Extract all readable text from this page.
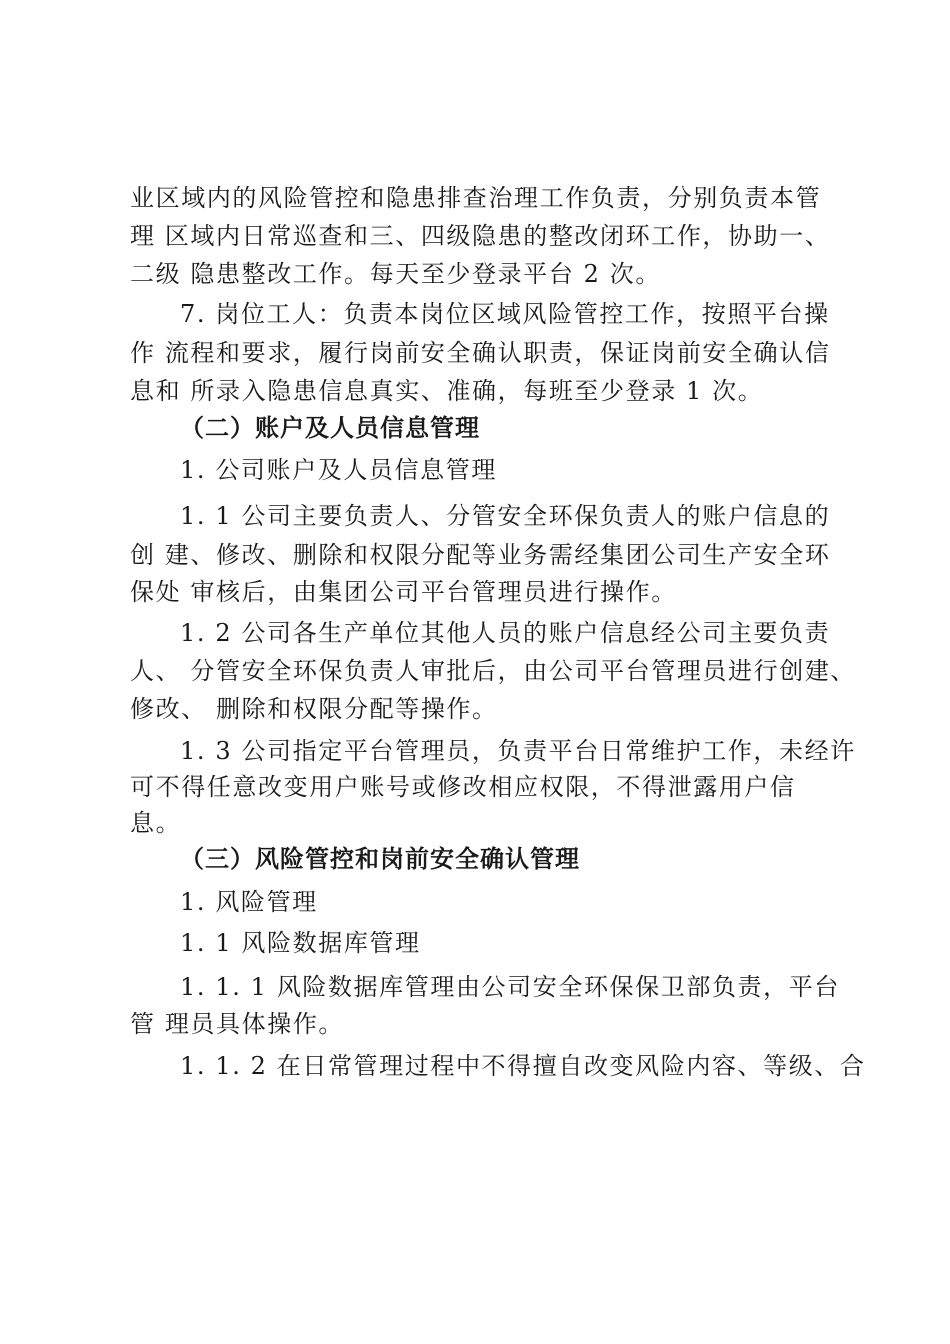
业区域内的风险管控和隐患排查治理工作负责，分别负责本管

理 区域内日常巡查和三、四级隐患的整改闭环工作，协助一、

二级 隐患整改工作。每天至少登录平台 2 次。

7. 岗位工人：负责本岗位区域风险管控工作，按照平台操

作 流程和要求，履行岗前安全确认职责，保证岗前安全确认信

息和 所录入隐患信息真实、准确，每班至少登录 1 次。

（二）账户及人员信息管理

1. 公司账户及人员信息管理

1. 1 公司主要负责人、分管安全环保负责人的账户信息的

创 建、修改、删除和权限分配等业务需经集团公司生产安全环

保处 审核后，由集团公司平台管理员进行操作。

1. 2 公司各生产单位其他人员的账户信息经公司主要负责

人、 分管安全环保负责人审批后，由公司平台管理员进行创建、

修改、 删除和权限分配等操作。

1. 3 公司指定平台管理员，负责平台日常维护工作，未经许

可不得任意改变用户账号或修改相应权限，不得泄露用户信

息。

（三）风险管控和岗前安全确认管理

1. 风险管理

1. 1 风险数据库管理

1. 1. 1 风险数据库管理由公司安全环保保卫部负责，平台

管 理员具体操作。

1. 1. 2 在日常管理过程中不得擅自改变风险内容、等级、合
